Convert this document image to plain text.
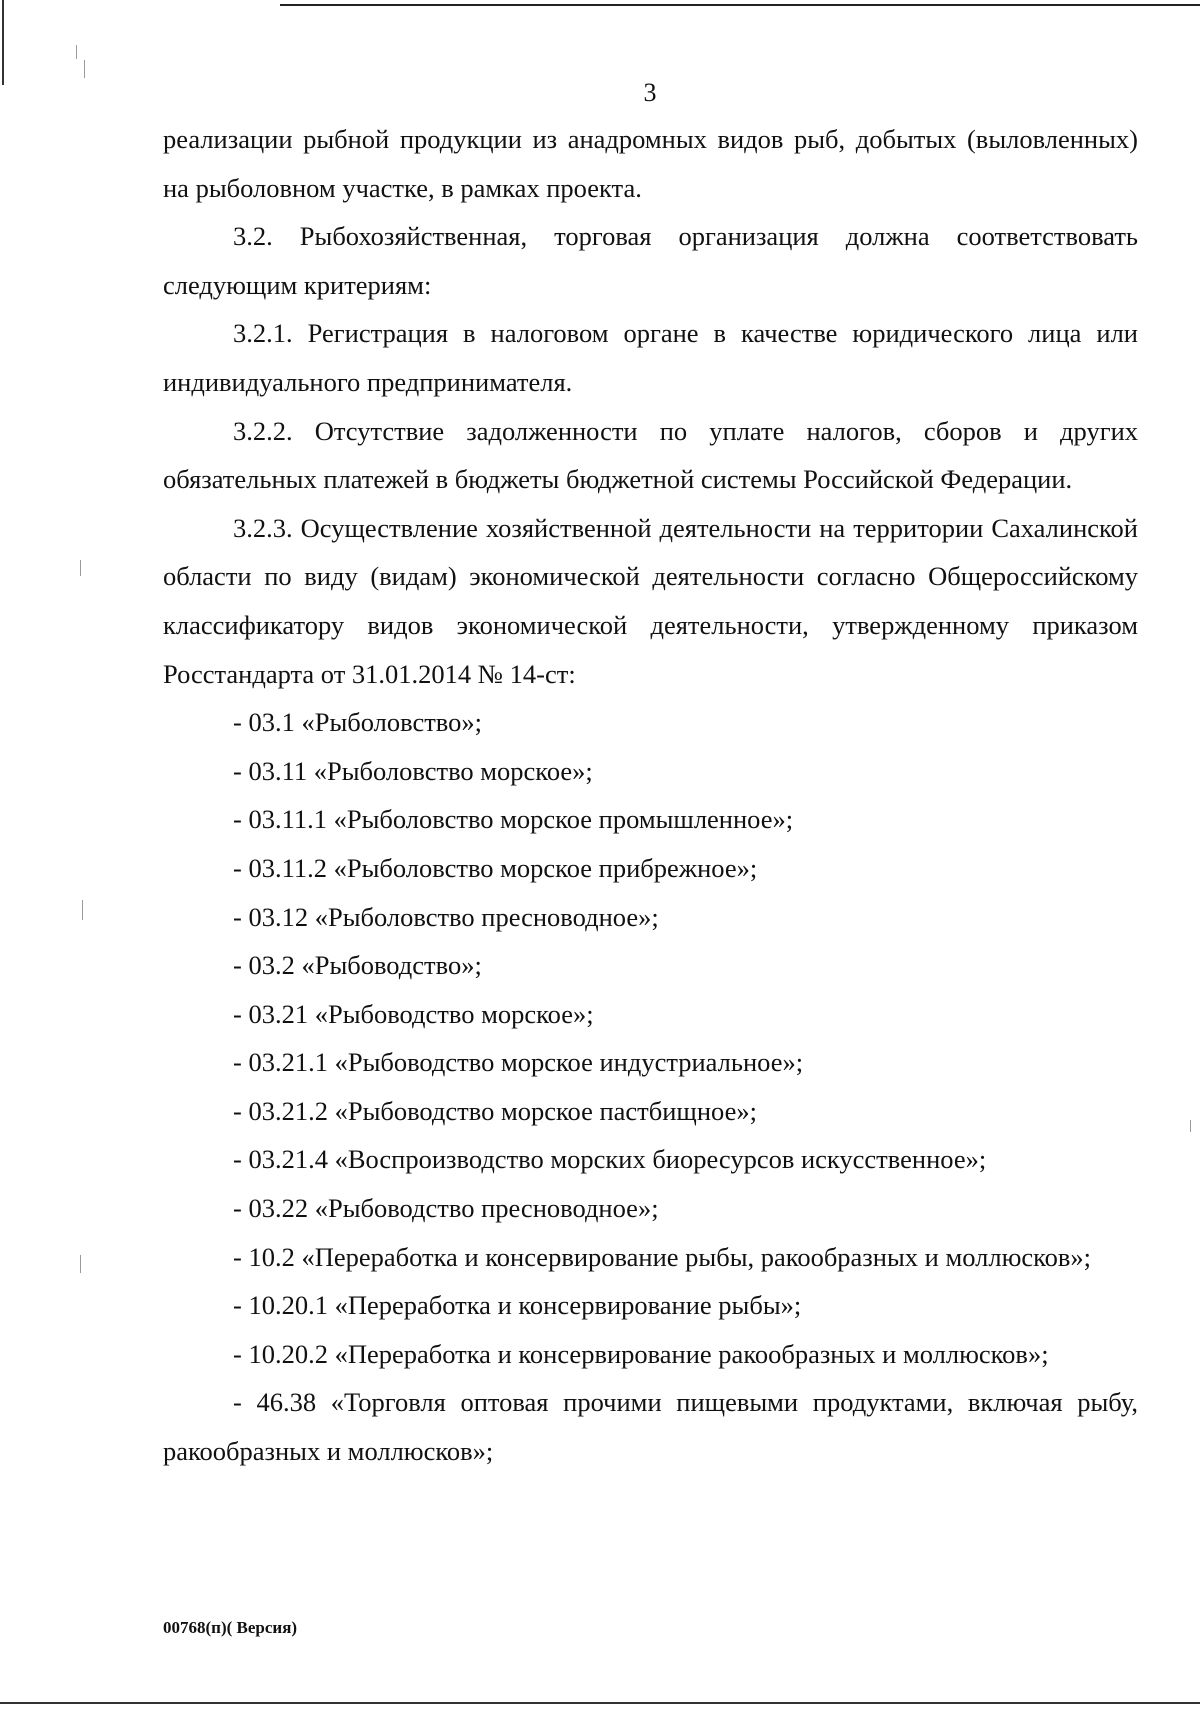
3

реализации рыбной продукции из анадромных видов рыб, добытых (выловленных) на рыболовном участке, в рамках проекта.

3.2. Рыбохозяйственная, торговая организация должна соответствовать следующим критериям:

3.2.1. Регистрация в налоговом органе в качестве юридического лица или индивидуального предпринимателя.

3.2.2. Отсутствие задолженности по уплате налогов, сборов и других обязательных платежей в бюджеты бюджетной системы Российской Федерации.

3.2.3. Осуществление хозяйственной деятельности на территории Сахалинской области по виду (видам) экономической деятельности согласно Общероссийскому классификатору видов экономической деятельности, утвержденному приказом Росстандарта от 31.01.2014 № 14-ст:

- 03.1 «Рыболовство»;

- 03.11 «Рыболовство морское»;

- 03.11.1 «Рыболовство морское промышленное»;

- 03.11.2 «Рыболовство морское прибрежное»;

- 03.12 «Рыболовство пресноводное»;

- 03.2 «Рыбоводство»;

- 03.21 «Рыбоводство морское»;

- 03.21.1 «Рыбоводство морское индустриальное»;

- 03.21.2 «Рыбоводство морское пастбищное»;

- 03.21.4 «Воспроизводство морских биоресурсов искусственное»;

- 03.22 «Рыбоводство пресноводное»;

- 10.2 «Переработка и консервирование рыбы, ракообразных и моллюсков»;

- 10.20.1 «Переработка и консервирование рыбы»;

- 10.20.2 «Переработка и консервирование ракообразных и моллюсков»;

- 46.38 «Торговля оптовая прочими пищевыми продуктами, включая рыбу, ракообразных и моллюсков»;

00768(п)( Версия)
